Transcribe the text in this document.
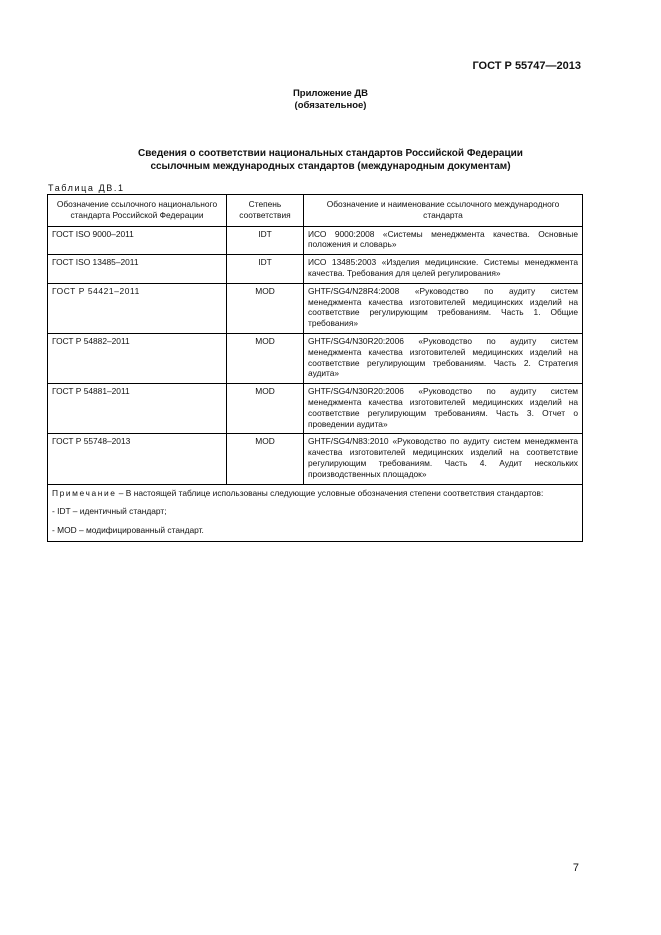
ГОСТ Р 55747—2013
Приложение ДВ
(обязательное)
Сведения о соответствии национальных стандартов Российской Федерации
ссылочным международных стандартов (международным документам)
Таблица ДВ.1
Обозначение ссылочного национального стандарта Российской Федерации	Степень соответствия	Обозначение и наименование ссылочного международного стандарта
ГОСТ ISO 9000–2011	IDT	ИСО 9000:2008 «Системы менеджмента качества. Основные положения и словарь»
ГОСТ ISO 13485–2011	IDT	ИСО 13485:2003 «Изделия медицинские. Системы менеджмента качества. Требования для целей регулирования»
ГОСТ Р 54421–2011	MOD	GHTF/SG4/N28R4:2008 «Руководство по аудиту систем менеджмента качества изготовителей медицинских изделий на соответствие регулирующим требованиям. Часть 1. Общие требования»
ГОСТ Р 54882–2011	MOD	GHTF/SG4/N30R20:2006 «Руководство по аудиту систем менеджмента качества изготовителей медицинских изделий на соответствие регулирующим требованиям. Часть 2. Стратегия аудита»
ГОСТ Р 54881–2011	MOD	GHTF/SG4/N30R20:2006 «Руководство по аудиту систем менеджмента качества изготовителей медицинских изделий на соответствие регулирующим требованиям. Часть 3. Отчет о проведении аудита»
ГОСТ Р 55748–2013	MOD	GHTF/SG4/N83:2010 «Руководство по аудиту систем менеджмента качества изготовителей медицинских изделий на соответствие регулирующим требованиям. Часть 4. Аудит нескольких производственных площадок»

Примечание – В настоящей таблице использованы следующие условные обозначения степени соответствия стандартов:
- IDT – идентичный стандарт;
- MOD – модифицированный стандарт.		
7
